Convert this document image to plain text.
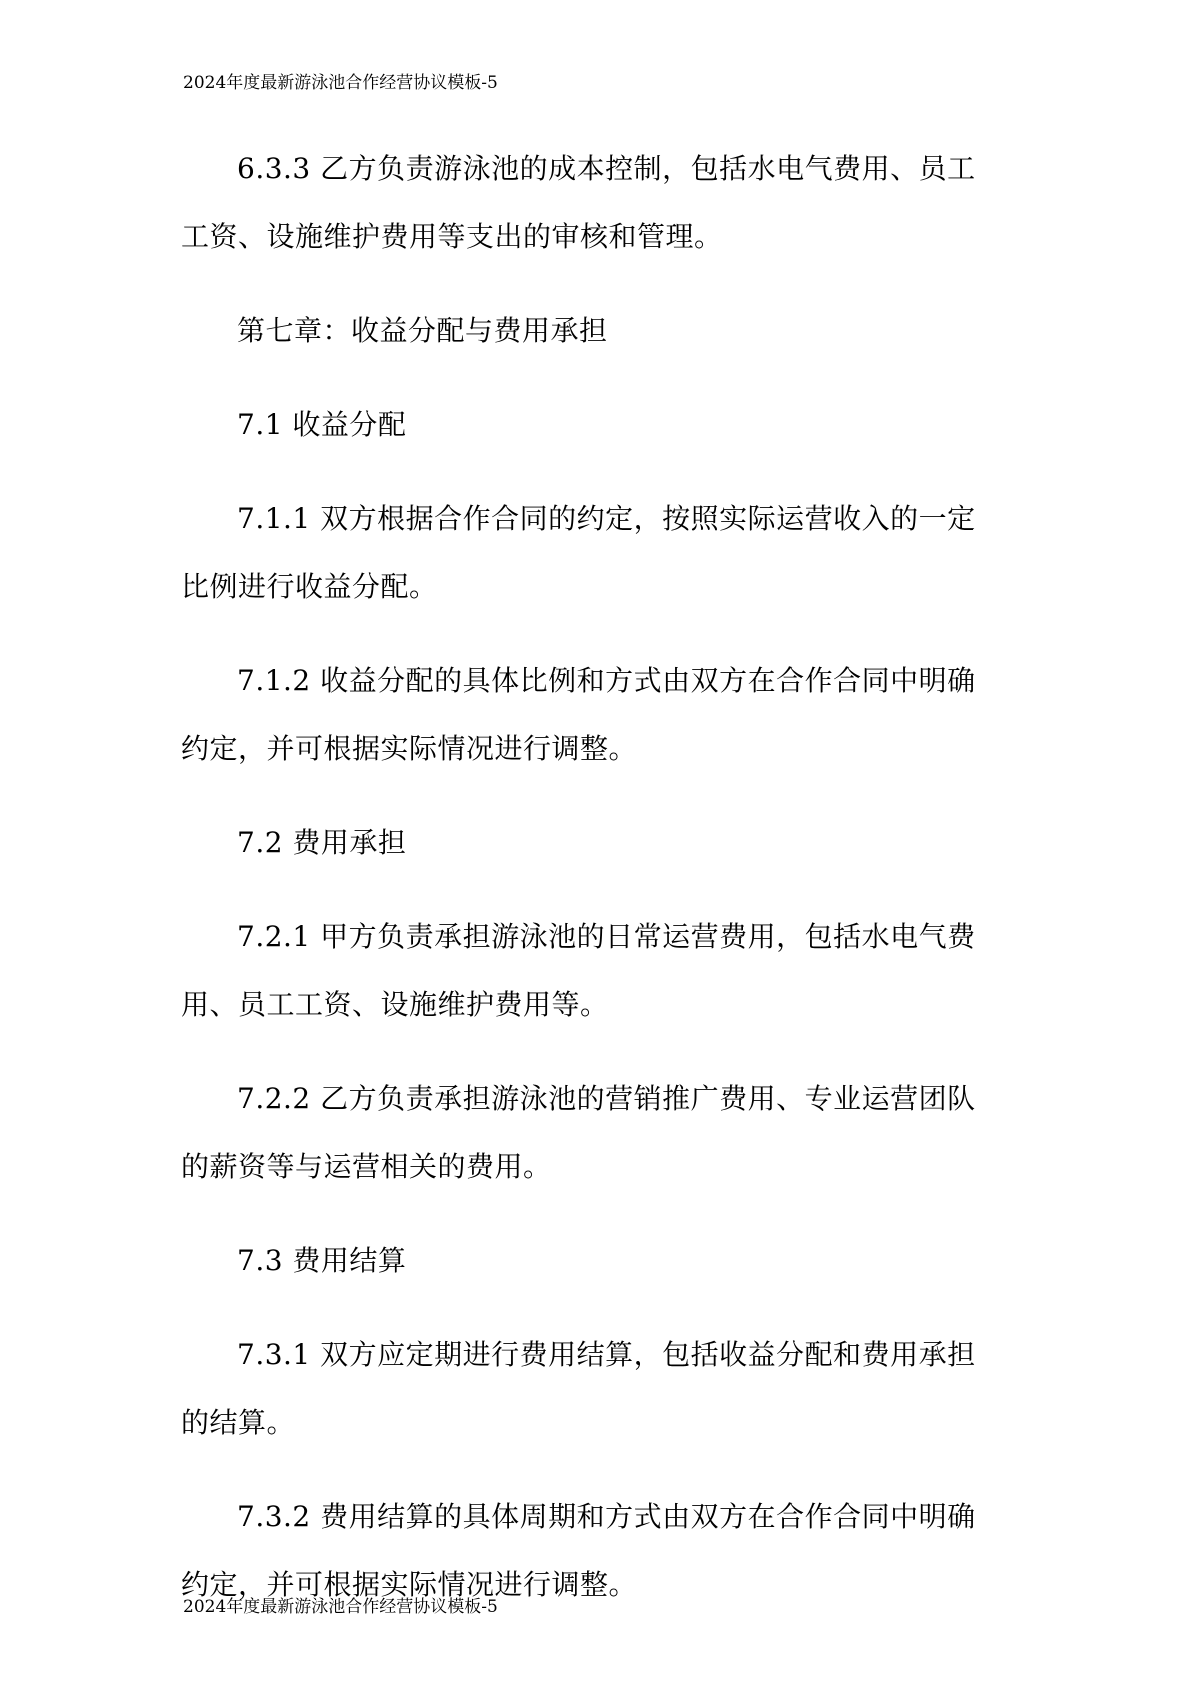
2024年度最新游泳池合作经营协议模板-5

6.3.3 乙方负责游泳池的成本控制，包括水电气费用、员工工资、设施维护费用等支出的审核和管理。

第七章：收益分配与费用承担

7.1 收益分配

7.1.1 双方根据合作合同的约定，按照实际运营收入的一定比例进行收益分配。

7.1.2 收益分配的具体比例和方式由双方在合作合同中明确约定，并可根据实际情况进行调整。

7.2 费用承担

7.2.1 甲方负责承担游泳池的日常运营费用，包括水电气费用、员工工资、设施维护费用等。

7.2.2 乙方负责承担游泳池的营销推广费用、专业运营团队的薪资等与运营相关的费用。

7.3 费用结算

7.3.1 双方应定期进行费用结算，包括收益分配和费用承担的结算。

7.3.2 费用结算的具体周期和方式由双方在合作合同中明确约定，并可根据实际情况进行调整。

2024年度最新游泳池合作经营协议模板-5
